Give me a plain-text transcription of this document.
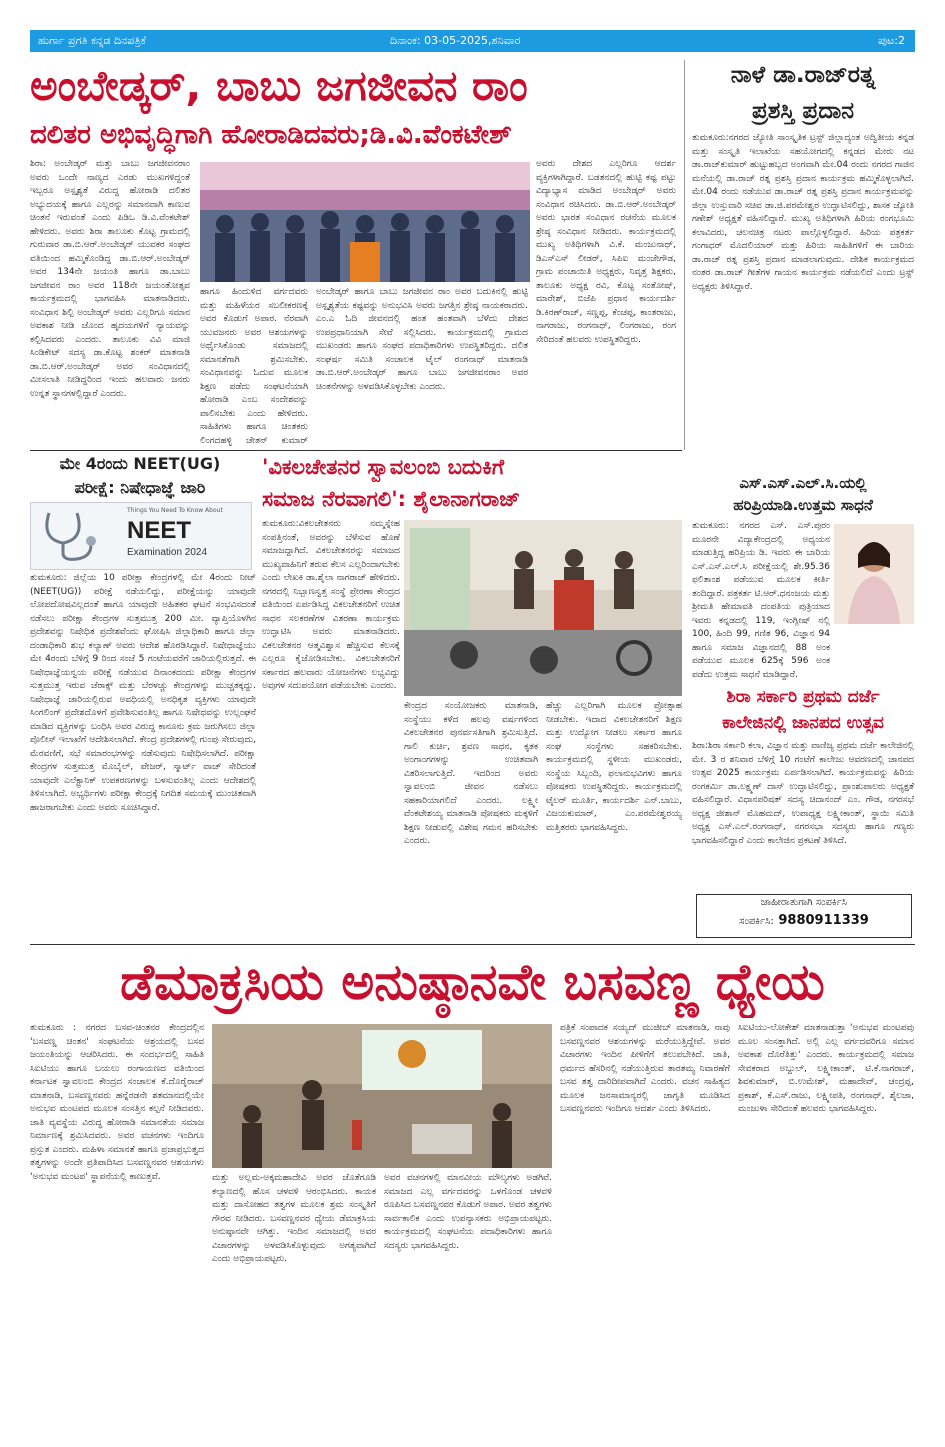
ಹುರ್ಗಾ ಪ್ರಗತಿ ಕನ್ನಡ ದಿನಪತ್ರಿಕೆ	ದಿನಾಂಕ: 03-05-2025,ಶನಿವಾರ	ಪುಟ:2
ಅಂಬೇಡ್ಕರ್, ಬಾಬು ಜಗಜೀವನ ರಾಂ
ದಲಿತರ ಅಭಿವೃದ್ಧಿಗಾಗಿ ಹೋರಾಡಿದವರು;ಡಿ.ವಿ.ವೆಂಕಟೇಶ್
ಶಿರಾ: ಅಂಬೇಡ್ಕರ್ ಮತ್ತು ಬಾಬು ಜಗಜೀವನರಾಂ ಅವರು ಒಂದೇ ನಾಣ್ಯದ ಎರಡು ಮುಖಗಳಿದ್ದಂತೆ ಇಬ್ಬರೂ ಅಸ್ಪೃಶ್ಯತೆ ವಿರುದ್ಧ ಹೋರಾಡಿ ದಲಿತರ ಅಭ್ಯುದಯಕ್ಕೆ ಹಾಗೂ ಎಲ್ಲರನ್ನು ಸಮಾನವಾಗಿ ಕಾಣುವ ಚಿಂತನೆ ಇರುವಂತೆ ಎಂದು ಪಿಡಿಒ ಡಿ.ವಿ.ವೆಂಕಟೇಶ್ ಹೇಳಿದರು. ಅವರು ಶಿರಾ ತಾಲೂಕು ಕೊಟ್ಟ ಗ್ರಾಮದಲ್ಲಿ ಗುರುವಾರ ಡಾ.ಬಿ.ಆರ್.ಅಂಬೇಡ್ಕರ್ ಯುವಕರ ಸಂಘದ ವತಿಯಿಂದ ಹಮ್ಮಿಕೊಂಡಿದ್ದ ಡಾ.ಬಿ.ಆರ್.ಅಂಬೇಡ್ಕರ್ ಅವರ 134ನೇ ಜಯಂತಿ ಹಾಗೂ ಡಾ.ಬಾಬು ಜಗಜೀವನ ರಾಂ ಅವರ 118ನೇ ಜಯಂತೋತ್ಸವ ಕಾರ್ಯಕ್ರಮದಲ್ಲಿ ಭಾಗವಹಿಸಿ ಮಾತನಾಡಿದರು. ಸಂವಿಧಾನ ಶಿಲ್ಪಿ ಅಂಬೇಡ್ಕರ್ ಅವರು ಎಲ್ಲರಿಗೂ ಸಮಾನ ಅವಕಾಶ ನೀಡಿ ಜೊಂದ ಹೃದಯಗಳಿಗೆ ನ್ಯಾಯವನ್ನು ಕಲ್ಪಿಸಿದವರು ಎಂದರು. ತಾಲೂಕು ವಿವಿ ಮಾಜಿ ಸಿಂಡಿಕೇಟ್ ಸದಸ್ಯ ಡಾ.ಕೊಟ್ಟ ಶಂಕರ್ ಮಾತನಾಡಿ ಡಾ.ಬಿ.ಆರ್.ಅಂಬೇಡ್ಕರ್ ಅವರ ಸಂವಿಧಾನದಲ್ಲಿ ಮೀಸಲಾತಿ ನೀಡಿದ್ದರಿಂದ ಇಂದು ಹಲವಾರು ಜನರು ಉನ್ನತ ಸ್ಥಾನಗಳಲ್ಲಿದ್ದಾರೆ ಎಂದರು.
ಹಾಗೂ ಹಿಂದುಳಿದ ವರ್ಗದವರು ಮತ್ತು ಮಹಿಳೆಯರ ಸಬಲೀಕರಣಕ್ಕೆ ಅವರ ಕೊಡುಗೆ ಅಪಾರ. ನೆರವಾಗಿ ಯುವಜನರು ಅವರ ಆಶಯಗಳನ್ನು ಅರ್ಥೈಸಿಕೊಂಡು ಸಮಾಜದಲ್ಲಿ ಸಮಾನತೆಗಾಗಿ ಶ್ರಮಿಸಬೇಕು. ಸಂವಿಧಾನವನ್ನು ಓದುವ ಮೂಲಕ ಶಿಕ್ಷಣ ಪಡೆದು ಸಂಘಟನೆಯಾಗಿ ಹೋರಾಡಿ ಎಂಬ ಸಂದೇಶವನ್ನು ಪಾಲಿಸಬೇಕು ಎಂದು ಹೇಳಿದರು. ಸಾಹಿತಿಗಳು ಹಾಗೂ ಚಿಂತಕರು ಲಿಂಗದಹಳ್ಳಿ ಚೇತನ್ ಕುಮಾರ್
ಅಂಬೇಡ್ಕರ್ ಹಾಗೂ ಬಾಬು ಜಗಜೀವನ ರಾಂ ಅವರ ಬದುಕಿನಲ್ಲಿ ಹುಟ್ಟಿ ಅಸ್ಪೃಶ್ಯತೆಯ ಕಷ್ಟವನ್ನು ಅನುಭವಿಸಿ ಅವರು ಜಗತ್ತಿನ ಶ್ರೇಷ್ಠ ನಾಯಕರಾದರು. ಎಂ.ಎ ಓದಿ ಜೀವನದಲ್ಲಿ ಹಂತ ಹಂತವಾಗಿ ಬೆಳೆದು ದೇಶದ ಉಪಪ್ರಧಾನಿಯಾಗಿ ಸೇವೆ ಸಲ್ಲಿಸಿದರು. ಕಾರ್ಯಕ್ರಮದಲ್ಲಿ ಗ್ರಾಮದ ಮುಖಂಡರು ಹಾಗೂ ಸಂಘದ ಪದಾಧಿಕಾರಿಗಳು ಉಪಸ್ಥಿತರಿದ್ದರು. ದಲಿತ ಸಂಘರ್ಷ ಸಮಿತಿ ಸಂಚಾಲಕ ಟೈಲ್ ರಂಗನಾಥ್ ಮಾತನಾಡಿ ಡಾ.ಬಿ.ಆರ್.ಅಂಬೇಡ್ಕರ್ ಹಾಗೂ ಬಾಬು ಜಗಜೀವನರಾಂ ಅವರ ಚಿಂತನೆಗಳನ್ನು ಅಳವಡಿಸಿಕೊಳ್ಳಬೇಕು ಎಂದರು.
ಅವರು ದೇಶದ ಎಲ್ಲರಿಗೂ ಆದರ್ಶ ವ್ಯಕ್ತಿಗಳಾಗಿದ್ದಾರೆ. ಬಡತನದಲ್ಲಿ ಹುಟ್ಟಿ ಕಷ್ಟ ಪಟ್ಟು ವಿದ್ಯಾಭ್ಯಾಸ ಮಾಡಿದ ಅಂಬೇಡ್ಕರ್ ಅವರು ಸಂವಿಧಾನ ರಚಿಸಿದರು. ಡಾ.ಬಿ.ಆರ್.ಅಂಬೇಡ್ಕರ್ ಅವರು ಭಾರತ ಸಂವಿಧಾನ ರಚನೆಯ ಮೂಲಕ ಶ್ರೇಷ್ಠ ಸಂವಿಧಾನ ನೀಡಿದರು. ಕಾರ್ಯಕ್ರಮದಲ್ಲಿ ಮುಖ್ಯ ಅತಿಥಿಗಳಾಗಿ ವಿ.ಕೆ. ಮಂಜುನಾಥ್, ಡಿಎಸ್‌ಎಸ್ ಲೀಡರ್, ಸಿಪಿಐ ಮಂಜೇಗೌಡ, ಗ್ರಾಮ ಪಂಚಾಯಿತಿ ಅಧ್ಯಕ್ಷರು, ನಿವೃತ್ತ ಶಿಕ್ಷಕರು, ತಾಲೂಕು ಅಧ್ಯಕ್ಷ ರವಿ, ಕೊಟ್ಟ ಸಂತೋಷ್, ಮಾರೇಶ್, ಬಿಜೆಪಿ ಪ್ರಧಾನ ಕಾರ್ಯದರ್ಶಿ ಡಿ.ಕಿರಣ್‌ರಾಜ್, ಸಣ್ಣಪ್ಪ, ಕೆಂಚಪ್ಪ, ಕಾಂತರಾಜು, ನಾಗರಾಜು, ರಂಗನಾಥ್, ಲಿಂಗರಾಜು, ರಂಗ ಸೇರಿದಂತೆ ಹಲವರು ಉಪಸ್ಥಿತರಿದ್ದರು.
ನಾಳೆ ಡಾ.ರಾಜ್‌ರತ್ನ
ಪ್ರಶಸ್ತಿ ಪ್ರದಾನ
ತುಮಕೂರು:ನಗರದ ಜ್ಯೋತಿ ಸಾಂಸ್ಕೃತಿಕ ಟ್ರಸ್ಟ್ ಜಿಲ್ಲಾದ್ಯಂತ ಅದ್ವಿತೀಯ ಕನ್ನಡ ಮತ್ತು ಸಂಸ್ಕೃತಿ ಇಲಾಖೆಯ ಸಹಯೋಗದಲ್ಲಿ ಕನ್ನಡದ ಮೇರು ನಟ ಡಾ.ರಾಜ್‌ಕುಮಾರ್ ಹುಟ್ಟುಹಬ್ಬದ ಅಂಗವಾಗಿ ಮೇ.04 ರಂದು ನಗರದ ಗಾಜಿನ ಮನೆಯಲ್ಲಿ ಡಾ.ರಾಜ್ ರತ್ನ ಪ್ರಶಸ್ತಿ ಪ್ರದಾನ ಕಾರ್ಯಕ್ರಮ ಹಮ್ಮಿಕೊಳ್ಳಲಾಗಿದೆ. ಮೇ.04 ರಂದು ನಡೆಯುವ ಡಾ.ರಾಜ್ ರತ್ನ ಪ್ರಶಸ್ತಿ ಪ್ರದಾನ ಕಾರ್ಯಕ್ರಮವನ್ನು ಜಿಲ್ಲಾ ಉಸ್ತುವಾರಿ ಸಚಿವ ಡಾ.ಜಿ.ಪರಮೇಶ್ವರ ಉದ್ಘಾಟಿಸಲಿದ್ದು, ಶಾಸಕ ಜ್ಯೋತಿ ಗಣೇಶ್ ಅಧ್ಯಕ್ಷತೆ ವಹಿಸಲಿದ್ದಾರೆ. ಮುಖ್ಯ ಅತಿಥಿಗಳಾಗಿ ಹಿರಿಯ ರಂಗಭೂಮಿ ಕಲಾವಿದರು, ಚಲನಚಿತ್ರ ನಟರು ಪಾಲ್ಗೊಳ್ಳಲಿದ್ದಾರೆ. ಹಿರಿಯ ಪತ್ರಕರ್ತ ಗಂಗಾಧರ್ ಮೊದಲಿಯಾರ್ ಮತ್ತು ಹಿರಿಯ ಸಾಹಿತಿಗಳಿಗೆ ಈ ಬಾರಿಯ ಡಾ.ರಾಜ್ ರತ್ನ ಪ್ರಶಸ್ತಿ ಪ್ರದಾನ ಮಾಡಲಾಗುವುದು. ದೇಶಿಕ ಕಾರ್ಯಕ್ರಮದ ನಂತರ ಡಾ.ರಾಜ್ ಗೀತೆಗಳ ಗಾಯನ ಕಾರ್ಯಕ್ರಮ ನಡೆಯಲಿದೆ ಎಂದು ಟ್ರಸ್ಟ್ ಅಧ್ಯಕ್ಷರು ತಿಳಿಸಿದ್ದಾರೆ.
ಎಸ್.ಎಸ್.ಎಲ್.ಸಿ.ಯಲ್ಲಿ
ಹರಿಪ್ರಿಯಾಡಿ.ಉತ್ತಮ ಸಾಧನೆ
ತುಮಕೂರು: ನಗರದ ಎಸ್. ಎಸ್.ಪುರಂ ಮೂರನೇ ವಿದ್ಯಾಕೇಂದ್ರದಲ್ಲಿ ಅಧ್ಯಯನ ಮಾಡುತ್ತಿದ್ದ ಹರಿಪ್ರಿಯ ಡಿ. ಇವರು ಈ ಬಾರಿಯ ಎಸ್.ಎಸ್.ಎಲ್.ಸಿ ಪರೀಕ್ಷೆಯಲ್ಲಿ ಶೇ.95.36 ಫಲಿತಾಂಶ ಪಡೆಯುವ ಮೂಲಕ ಕೀರ್ತಿ ತಂದಿದ್ದಾರೆ. ಪತ್ರಕರ್ತ ಟಿ.ಆರ್.ಧನಂಜಯ ಮತ್ತು ಶ್ರೀಮತಿ ಹೇಮಾವತಿ ದಂಪತಿಯ ಪುತ್ರಿಯಾದ ಇವರು ಕನ್ನಡದಲ್ಲಿ 119, ಇಂಗ್ಲೀಷ್ ನಲ್ಲಿ 100, ಹಿಂದಿ 99, ಗಣಿತ 96, ವಿಜ್ಞಾನ 94 ಹಾಗೂ ಸಮಾಜ ವಿಜ್ಞಾನದಲ್ಲಿ 88 ಅಂಕ ಪಡೆಯುವ ಮೂಲಕ 625ಕ್ಕೆ 596 ಅಂಕ ಪಡೆದು ಉತ್ತಮ ಸಾಧನೆ ಮಾಡಿದ್ದಾರೆ.
ಶಿರಾ ಸರ್ಕಾರಿ ಪ್ರಥಮ ದರ್ಜೆ
ಕಾಲೇಜಿನಲ್ಲಿ ಜಾನಪದ ಉತ್ಸವ
ಶಿರಾ:ಶಿರಾ ಸರ್ಕಾರಿ ಕಲಾ, ವಿಜ್ಞಾನ ಮತ್ತು ವಾಣಿಜ್ಯ ಪ್ರಥಮ ದರ್ಜೆ ಕಾಲೇಜಿನಲ್ಲಿ ಮೇ. 3 ರ ಶನಿವಾರ ಬೆಳಿಗ್ಗೆ 10 ಗಂಟೆಗೆ ಕಾಲೇಜು ಆವರಣದಲ್ಲಿ ಜಾನಪದ ಉತ್ಸವ 2025 ಕಾರ್ಯಕ್ರಮ ಏರ್ಪಡಿಸಲಾಗಿದೆ. ಕಾರ್ಯಕ್ರಮವನ್ನು ಹಿರಿಯ ರಂಗಕರ್ಮಿ ಡಾ.ಲಕ್ಷ್ಮಣ್ ದಾಸ್ ಉದ್ಘಾಟಿಸಲಿದ್ದು, ಪ್ರಾಂಶುಪಾಲರು ಅಧ್ಯಕ್ಷತೆ ವಹಿಸಲಿದ್ದಾರೆ. ವಿಧಾನಪರಿಷತ್ ಸದಸ್ಯ ಚಿದಾನಂದ್ ಎಂ. ಗೌಡ, ನಗರಸಭೆ ಅಧ್ಯಕ್ಷ ಜೀಶಾನ್ ಮೊಹಮದ್, ಉಪಾಧ್ಯಕ್ಷ ಲಕ್ಷ್ಮೀಕಾಂತ್, ಸ್ಥಾಯಿ ಸಮಿತಿ ಅಧ್ಯಕ್ಷ ಎಸ್.ಎಲ್.ರಂಗನಾಥ್, ನಗರಸಭಾ ಸದಸ್ಯರು ಹಾಗೂ ಗಣ್ಯರು ಭಾಗವಹಿಸಲಿದ್ದಾರೆ ಎಂದು ಕಾಲೇಜಿನ ಪ್ರಕಟಣೆ ತಿಳಿಸಿದೆ.
ಜಾಹೀರಾತುಗಾಗಿ ಸಂಪರ್ಕಿಸಿ
ಸಂಪರ್ಕಿಸಿ: 9880911339
ಮೇ 4ರಂದು NEET(UG)
ಪರೀಕ್ಷೆ: ನಿಷೇಧಾಜ್ಞೆ ಜಾರಿ
Things You Need To Know About
NEET
Examination 2024
ತುಮಕೂರು: ಜಿಲ್ಲೆಯ 10 ಪರೀಕ್ಷಾ ಕೇಂದ್ರಗಳಲ್ಲಿ ಮೇ 4ರಂದು ನೀಟ್ (NEET(UG)) ಪರೀಕ್ಷೆ ನಡೆಯಲಿದ್ದು, ಪರೀಕ್ಷೆಯನ್ನು ಯಾವುದೇ ಲೋಪದೋಷವಿಲ್ಲದಂತೆ ಹಾಗೂ ಯಾವುದೇ ಅಹಿತಕರ ಘಟನೆ ಸಂಭವಿಸದಂತೆ ನಡೆಸಲು ಪರೀಕ್ಷಾ ಕೇಂದ್ರಗಳ ಸುತ್ತಮುತ್ತ 200 ಮೀ. ವ್ಯಾಪ್ತಿಯೊಳಗಿನ ಪ್ರದೇಶವನ್ನು ನಿಷೇಧಿತ ಪ್ರದೇಶವೆಂದು ಘೋಷಿಸಿ ಜಿಲ್ಲಾಧಿಕಾರಿ ಹಾಗೂ ಜಿಲ್ಲಾ ದಂಡಾಧಿಕಾರಿ ಶುಭ ಕಲ್ಯಾಣ್ ಅವರು ಆದೇಶ ಹೊರಡಿಸಿದ್ದಾರೆ. ನಿಷೇಧಾಜ್ಞೆಯು ಮೇ 4ರಂದು ಬೆಳಿಗ್ಗೆ 9 ರಿಂದ ಸಂಜೆ 5 ಗಂಟೆಯವರೆಗೆ ಜಾರಿಯಲ್ಲಿರುತ್ತದೆ. ಈ ನಿಷೇಧಾಜ್ಞೆಯನ್ವಯ ಪರೀಕ್ಷೆ ನಡೆಯುವ ದಿನಾಂಕದಂದು ಪರೀಕ್ಷಾ ಕೇಂದ್ರಗಳ ಸುತ್ತಮುತ್ತ ಇರುವ ಜೆರಾಕ್ಸ್ ಮತ್ತು ಬೆರಳಚ್ಚು ಕೇಂದ್ರಗಳನ್ನು ಮುಚ್ಚತಕ್ಕದ್ದು. ನಿಷೇಧಾಜ್ಞೆ ಜಾರಿಯಲ್ಲಿರುವ ಅವಧಿಯಲ್ಲಿ ಅನಧಿಕೃತ ವ್ಯಕ್ತಿಗಳು ಯಾವುದೇ ಸಿಂಗಲಿಂಗ್ ಪ್ರದೇಶದೊಳಗೆ ಪ್ರವೇಶಿಸುವಂತಿಲ್ಲ ಹಾಗೂ ನಿಷೇಧವನ್ನು ಉಲ್ಲಂಘನೆ ಮಾಡಿದ ವ್ಯಕ್ತಿಗಳನ್ನು ಬಂಧಿಸಿ ಅವರ ವಿರುದ್ಧ ಕಾನೂನು ಕ್ರಮ ಜರುಗಿಸಲು ಜಿಲ್ಲಾ ಪೊಲೀಸ್ ಇಲಾಖೆಗೆ ಆದೇಶಿಸಲಾಗಿದೆ. ಕೇಂದ್ರ ಪ್ರದೇಶಗಳಲ್ಲಿ ಗುಂಪು ಸೇರುವುದು, ಮೆರವಣಿಗೆ, ಸಭೆ ಸಮಾರಂಭಗಳನ್ನು ನಡೆಸುವುದು ನಿಷೇಧಿಸಲಾಗಿದೆ. ಪರೀಕ್ಷಾ ಕೇಂದ್ರಗಳ ಸುತ್ತಮುತ್ತ ಮೊಬೈಲ್, ಪೇಜರ್, ಸ್ಮಾರ್ಟ್ ವಾಚ್ ಸೇರಿದಂತೆ ಯಾವುದೇ ಎಲೆಕ್ಟ್ರಾನಿಕ್ ಉಪಕರಣಗಳನ್ನು ಬಳಸುವಂತಿಲ್ಲ ಎಂದು ಆದೇಶದಲ್ಲಿ ತಿಳಿಸಲಾಗಿದೆ. ಅಭ್ಯರ್ಥಿಗಳು ಪರೀಕ್ಷಾ ಕೇಂದ್ರಕ್ಕೆ ನಿಗದಿತ ಸಮಯಕ್ಕೆ ಮುಂಚಿತವಾಗಿ ಹಾಜರಾಗಬೇಕು ಎಂದು ಅವರು ಸೂಚಿಸಿದ್ದಾರೆ.
'ವಿಕಲಚೇತನರ ಸ್ವಾವಲಂಬಿ ಬದುಕಿಗೆ
ಸಮಾಜ ನೆರವಾಗಲಿ': ಶೈಲಾನಾಗರಾಜ್
ತುಮಕೂರು:ವಿಕಲಚೇತನರು ನಮ್ಮಸ್ನೇಹ ಸಂಪತ್ತಿನಂತೆ, ಅವರನ್ನು ಬೆಳೆಸುವ ಹೊಣೆ ಸಮಾಜದ್ದಾಗಿದೆ. ವಿಕಲಚೇತನರನ್ನು ಸಮಾಜದ ಮುಖ್ಯವಾಹಿನಿಗೆ ತರುವ ಕೆಲಸ ಎಲ್ಲರಿಂದಾಗಬೇಕು ಎಂದು ಲೇಖಕಿ ಡಾ.ಶೈಲಾ ನಾಗರಾಜ್ ಹೇಳಿದರು. ನಗರದಲ್ಲಿ ನಿಬ್ಬಾಣಸ್ವತ್ತ ಸಂಸ್ಥೆ ಪ್ರೇರಣಾ ಕೇಂದ್ರದ ವತಿಯಿಂದ ಏರ್ಪಡಿಸಿದ್ದ ವಿಕಲಚೇತನರಿಗೆ ಉಚಿತ ಸಾಧನ ಸಲಕರಣೆಗಳ ವಿತರಣಾ ಕಾರ್ಯಕ್ರಮ ಉದ್ಘಾಟಿಸಿ ಅವರು ಮಾತನಾಡಿದರು. ವಿಕಲಚೇತನರ ಆತ್ಮವಿಶ್ವಾಸ ಹೆಚ್ಚಿಸುವ ಕೆಲಸಕ್ಕೆ ಎಲ್ಲರೂ ಕೈಜೋಡಿಸಬೇಕು. ವಿಕಲಚೇತನರಿಗೆ ಸರ್ಕಾರದ ಹಲವಾರು ಯೋಜನೆಗಳು ಲಭ್ಯವಿದ್ದು ಅವುಗಳ ಸದುಪಯೋಗ ಪಡೆಯಬೇಕು ಎಂದರು.
ಕೇಂದ್ರದ ಸಂಯೋಜಕರು ಮಾತನಾಡಿ, ಸಂಸ್ಥೆಯು ಕಳೆದ ಹಲವು ವರ್ಷಗಳಿಂದ ವಿಕಲಚೇತನರ ಪುನರ್ವಸತಿಗಾಗಿ ಶ್ರಮಿಸುತ್ತಿದೆ. ಗಾಲಿ ಕುರ್ಚಿ, ಶ್ರವಣ ಸಾಧನ, ಕೃತಕ ಅಂಗಾಂಗಗಳನ್ನು ಉಚಿತವಾಗಿ ವಿತರಿಸಲಾಗುತ್ತಿದೆ. ಇದರಿಂದ ಅವರು ಸ್ವಾವಲಂಬಿ ಜೀವನ ನಡೆಸಲು ಸಹಕಾರಿಯಾಗಲಿದೆ ಎಂದರು. ಲಕ್ಷ್ಮೀ ವೆಂಕಟೇಶಯ್ಯ ಮಾತನಾಡಿ ಪೋಷಕರು ಮಕ್ಕಳಿಗೆ ಶಿಕ್ಷಣ ನೀಡುವಲ್ಲಿ ವಿಶೇಷ ಗಮನ ಹರಿಸಬೇಕು ಎಂದರು.
ಹೆಚ್ಚು ಎಲ್ಲರಿಗಾಗಿ ಮೂಲಕ ಪ್ರೋತ್ಸಾಹ ನೀಡಬೇಕು. ಇದಾದ ವಿಕಲಚೇತನರಿಗೆ ಶಿಕ್ಷಣ ಮತ್ತು ಉದ್ಯೋಗ ನೀಡಲು ಸರ್ಕಾರ ಹಾಗೂ ಸಂಘ ಸಂಸ್ಥೆಗಳು ಸಹಕರಿಸಬೇಕು. ಕಾರ್ಯಕ್ರಮದಲ್ಲಿ ಸ್ಥಳೀಯ ಮುಖಂಡರು, ಸಂಸ್ಥೆಯ ಸಿಬ್ಬಂದಿ, ಫಲಾನುಭವಿಗಳು ಹಾಗೂ ಪೋಷಕರು ಉಪಸ್ಥಿತರಿದ್ದರು. ಕಾರ್ಯಕ್ರಮದಲ್ಲಿ ಟೈಲರ್ ಮೂರ್ತಿ, ಕಾರ್ಯದರ್ಶಿ ಎನ್.ಬಾಬು, ವಿಜಯಕುಮಾರ್, ಎಂ.ಪರಮೇಶ್ವರಯ್ಯ ಮತ್ತಿತರರು ಭಾಗವಹಿಸಿದ್ದರು.
ಡೆಮಾಕ್ರಸಿಯ ಅನುಷ್ಠಾನವೇ ಬಸವಣ್ಣ ಧ್ಯೇಯ
ತುಮಕೂರು : ನಗರದ ಬಸವ-ಚಿಂತನರ ಕೇಂದ್ರದಲ್ಲಿನ 'ಬಸವಣ್ಣ ಚಿಂತನ' ಸಂಘಟನೆಯ ಆಶ್ರಯದಲ್ಲಿ ಬಸವ ಜಯಂತಿಯನ್ನು ಆಚರಿಸಿದರು. ಈ ಸಂದರ್ಭದಲ್ಲಿ ಸಾಹಿತಿ ಸಿಐಟಿಯು ಹಾಗೂ ಬಯಲು ರಂಗಾಯಣದ ವತಿಯಿಂದ ಕರ್ನಾಟಕ ಸ್ವಾವಲಂಬಿ ಕೇಂದ್ರದ ಸಂಚಾಲಕ ಕೆ.ದೊರೈರಾಜ್ ಮಾತನಾಡಿ, ಬಸವಣ್ಣನವರು ಹನ್ನೆರಡನೇ ಶತಮಾನದಲ್ಲಿಯೇ ಅನುಭವ ಮಂಟಪದ ಮೂಲಕ ಸಂಸತ್ತಿನ ಕಲ್ಪನೆ ನೀಡಿದವರು. ಜಾತಿ ವ್ಯವಸ್ಥೆಯ ವಿರುದ್ಧ ಹೋರಾಡಿ ಸಮಾನತೆಯ ಸಮಾಜ ನಿರ್ಮಾಣಕ್ಕೆ ಶ್ರಮಿಸಿದವರು. ಅವರ ವಚನಗಳು ಇಂದಿಗೂ ಪ್ರಸ್ತುತ ಎಂದರು. ಮಹಿಳಾ ಸಮಾನತೆ ಹಾಗೂ ಪ್ರಜಾಪ್ರಭುತ್ವದ ತತ್ವಗಳನ್ನು ಅಂದೇ ಪ್ರತಿಪಾದಿಸಿದ ಬಸವಣ್ಣನವರ ಆಶಯಗಳು 'ಅನುಭವ ಮಂಟಪ' ಸ್ಥಾಪನೆಯಲ್ಲಿ ಕಾಣುತ್ತವೆ.	ಮತ್ತು ಅಲ್ಲಮ-ಅಕ್ಕಮಹಾದೇವಿ ಅವರ ಜೊತೆಗೂಡಿ ಕಲ್ಯಾಣದಲ್ಲಿ ಹೊಸ ಚಳವಳಿ ಆರಂಭಿಸಿದರು. ಕಾಯಕ ಮತ್ತು ದಾಸೋಹದ ತತ್ವಗಳ ಮೂಲಕ ಶ್ರಮ ಸಂಸ್ಕೃತಿಗೆ ಗೌರವ ನೀಡಿದರು. ಬಸವಣ್ಣನವರ ಧ್ಯೇಯ ಡೆಮಾಕ್ರಸಿಯ ಅನುಷ್ಠಾನವೇ ಆಗಿತ್ತು. ಇಂದಿನ ಸಮಾಜದಲ್ಲಿ ಅವರ ವಿಚಾರಗಳನ್ನು ಅಳವಡಿಸಿಕೊಳ್ಳುವುದು ಅಗತ್ಯವಾಗಿದೆ ಎಂದು ಅಭಿಪ್ರಾಯಪಟ್ಟರು.
ಅವರ ವಚನಗಳಲ್ಲಿ ಮಾನವೀಯ ಮೌಲ್ಯಗಳು ಅಡಗಿವೆ. ಸಮಾಜದ ಎಲ್ಲ ವರ್ಗದವರನ್ನು ಒಳಗೊಂಡ ಚಳವಳಿ ರೂಪಿಸಿದ ಬಸವಣ್ಣನವರ ಕೊಡುಗೆ ಅಪಾರ. ಅವರ ತತ್ವಗಳು ಸಾರ್ವಕಾಲಿಕ ಎಂದು ಉಪನ್ಯಾಸಕರು ಅಭಿಪ್ರಾಯಪಟ್ಟರು. ಕಾರ್ಯಕ್ರಮದಲ್ಲಿ ಸಂಘಟನೆಯ ಪದಾಧಿಕಾರಿಗಳು ಹಾಗೂ ಸದಸ್ಯರು ಭಾಗವಹಿಸಿದ್ದರು.
ಪತ್ರಿಕೆ ಸಂಪಾದಕ ಸಯ್ಯದ್ ಮುಜೀಬ್ ಮಾತನಾಡಿ, ನಾವು ಬಸವಣ್ಣನವರ ಆಶಯಗಳನ್ನು ಮರೆಯುತ್ತಿದ್ದೇವೆ. ಅವರ ವಿಚಾರಗಳು ಇಂದಿನ ಪೀಳಿಗೆಗೆ ತಲುಪಬೇಕಿದೆ. ಜಾತಿ, ಧರ್ಮದ ಹೆಸರಿನಲ್ಲಿ ನಡೆಯುತ್ತಿರುವ ತಾರತಮ್ಯ ನಿವಾರಣೆಗೆ ಬಸವ ತತ್ವ ದಾರಿದೀಪವಾಗಿದೆ ಎಂದರು. ವಚನ ಸಾಹಿತ್ಯದ ಮೂಲಕ ಜನಸಾಮಾನ್ಯರಲ್ಲಿ ಜಾಗೃತಿ ಮೂಡಿಸಿದ ಬಸವಣ್ಣನವರು ಇಂದಿಗೂ ಆದರ್ಶ ಎಂದು ತಿಳಿಸಿದರು.
ಸಿಐಟಿಯು-ಲೋಕೇಶ್ ಮಾತನಾಡುತ್ತಾ 'ಅನುಭವ ಮಂಟಪವು ಮೂಲ ಸಂಸತ್ತಾಗಿದೆ. ಅಲ್ಲಿ ಎಲ್ಲ ವರ್ಗದವರಿಗೂ ಸಮಾನ ಅವಕಾಶ ದೊರೆತಿತ್ತು' ಎಂದರು. ಕಾರ್ಯಕ್ರಮದಲ್ಲಿ ಸಮಾಜ ಸೇವಕರಾದ ಅಬ್ದುಲ್, ಲಕ್ಷ್ಮೀಕಾಂತ್, ಟಿ.ಕೆ.ನಾಗರಾಜ್, ಶಿವಕುಮಾರ್, ಬಿ.ಉಮೇಶ್, ಮಹಾದೇವ್, ಚಂದ್ರಪ್ಪ, ಪ್ರಕಾಶ್, ಕೆ.ಎಸ್.ರಾಜು, ಲಕ್ಷ್ಮೀಪತಿ, ರಂಗನಾಥ್, ಶೈಲಜಾ, ಮಂಜುಳಾ ಸೇರಿದಂತೆ ಹಲವರು ಭಾಗವಹಿಸಿದ್ದರು.
